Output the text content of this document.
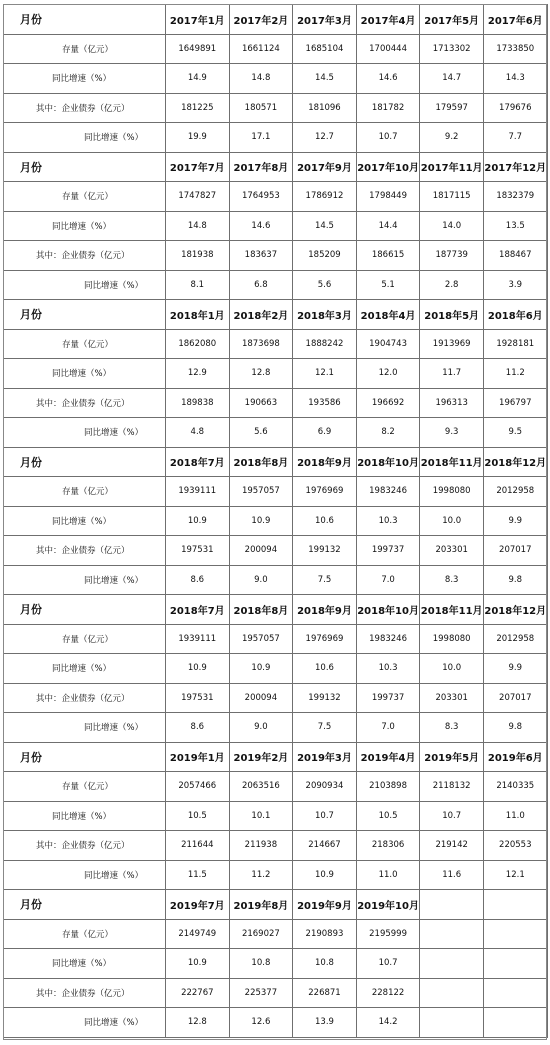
月份	2017年1月	2017年2月	2017年3月	2017年4月	2017年5月	2017年6月
存量（亿元）	1649891	1661124	1685104	1700444	1713302	1733850
同比增速（%）	14.9	14.8	14.5	14.6	14.7	14.3
其中：企业债券（亿元）	181225	180571	181096	181782	179597	179676
同比增速（%）	19.9	17.1	12.7	10.7	9.2	7.7
月份	2017年7月	2017年8月	2017年9月	2017年10月	2017年11月	2017年12月
存量（亿元）	1747827	1764953	1786912	1798449	1817115	1832379
同比增速（%）	14.8	14.6	14.5	14.4	14.0	13.5
其中：企业债券（亿元）	181938	183637	185209	186615	187739	188467
同比增速（%）	8.1	6.8	5.6	5.1	2.8	3.9
月份	2018年1月	2018年2月	2018年3月	2018年4月	2018年5月	2018年6月
存量（亿元）	1862080	1873698	1888242	1904743	1913969	1928181
同比增速（%）	12.9	12.8	12.1	12.0	11.7	11.2
其中：企业债券（亿元）	189838	190663	193586	196692	196313	196797
同比增速（%）	4.8	5.6	6.9	8.2	9.3	9.5
月份	2018年7月	2018年8月	2018年9月	2018年10月	2018年11月	2018年12月
存量（亿元）	1939111	1957057	1976969	1983246	1998080	2012958
同比增速（%）	10.9	10.9	10.6	10.3	10.0	9.9
其中：企业债券（亿元）	197531	200094	199132	199737	203301	207017
同比增速（%）	8.6	9.0	7.5	7.0	8.3	9.8
月份	2018年7月	2018年8月	2018年9月	2018年10月	2018年11月	2018年12月
存量（亿元）	1939111	1957057	1976969	1983246	1998080	2012958
同比增速（%）	10.9	10.9	10.6	10.3	10.0	9.9
其中：企业债券（亿元）	197531	200094	199132	199737	203301	207017
同比增速（%）	8.6	9.0	7.5	7.0	8.3	9.8
月份	2019年1月	2019年2月	2019年3月	2019年4月	2019年5月	2019年6月
存量（亿元）	2057466	2063516	2090934	2103898	2118132	2140335
同比增速（%）	10.5	10.1	10.7	10.5	10.7	11.0
其中：企业债券（亿元）	211644	211938	214667	218306	219142	220553
同比增速（%）	11.5	11.2	10.9	11.0	11.6	12.1
月份	2019年7月	2019年8月	2019年9月	2019年10月		
存量（亿元）	2149749	2169027	2190893	2195999		
同比增速（%）	10.9	10.8	10.8	10.7		
其中：企业债券（亿元）	222767	225377	226871	228122		
同比增速（%）	12.8	12.6	13.9	14.2		
